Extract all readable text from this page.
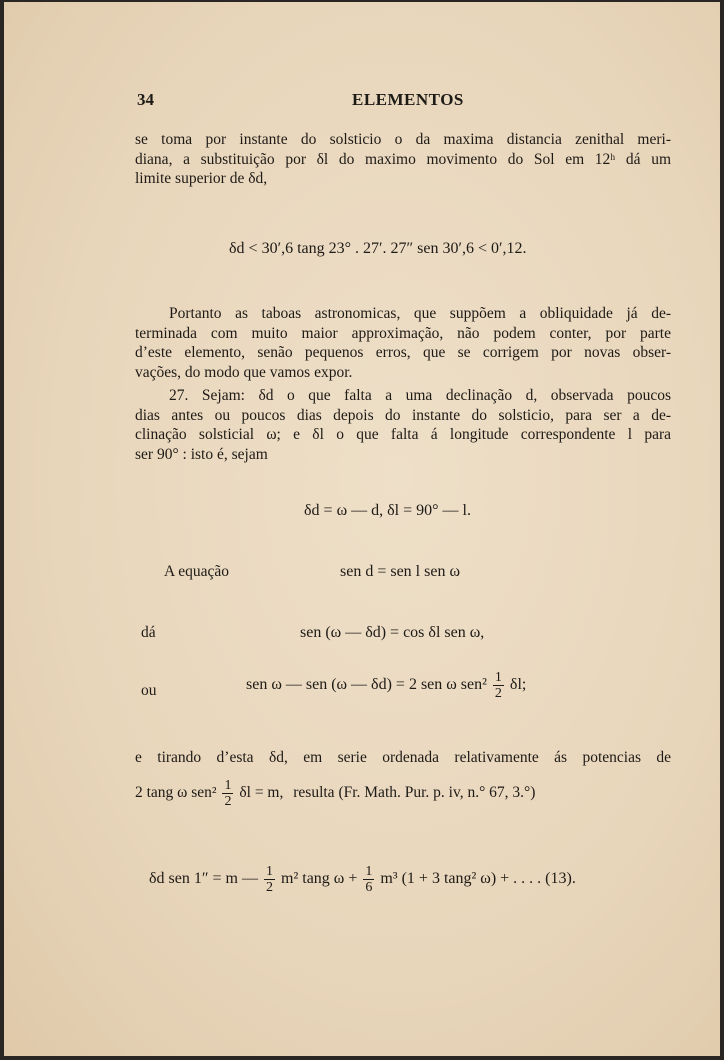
34	ELEMENTOS
se toma por instante do solsticio o da maxima distancia zenithal meri-
diana, a substituição por δl do maximo movimento do Sol em 12ʰ dá um
limite superior de δd,
δd < 30′,6 tang 23° . 27′. 27″ sen 30′,6 < 0′,12.
Portanto as taboas astronomicas, que suppõem a obliquidade já de-
terminada com muito maior approximação, não podem conter, por parte
d’este elemento, senão pequenos erros, que se corrigem por novas obser-
vações, do modo que vamos expor.
27. Sejam: δd o que falta a uma declinação d, observada poucos
dias antes ou poucos dias depois do instante do solsticio, para ser a de-
clinação solsticial ω; e δl o que falta á longitude correspondente l para
ser 90° : isto é, sejam
δd = ω — d, δl = 90° — l.
A equação	sen d = sen l sen ω
dá	sen (ω — δd) = cos δl sen ω,
ou	sen ω — sen (ω — δd) = 2 sen ω $sen^2 \frac{1}{2} \delta l$;
e tirando d’esta δd, em serie ordenada relativamente ás potencias de
2 tang ω $sen^2 \frac{1}{2}$ δl = m, resulta (Fr. Math. Pur. p. iv, n.° 67, 3.°)
δd sen 1″ = m — $\frac{1}{2} m^2$ tang $\omega + \frac{1}{6} m^3$ (1 + 3 tang² ω) + . . . . (13).
